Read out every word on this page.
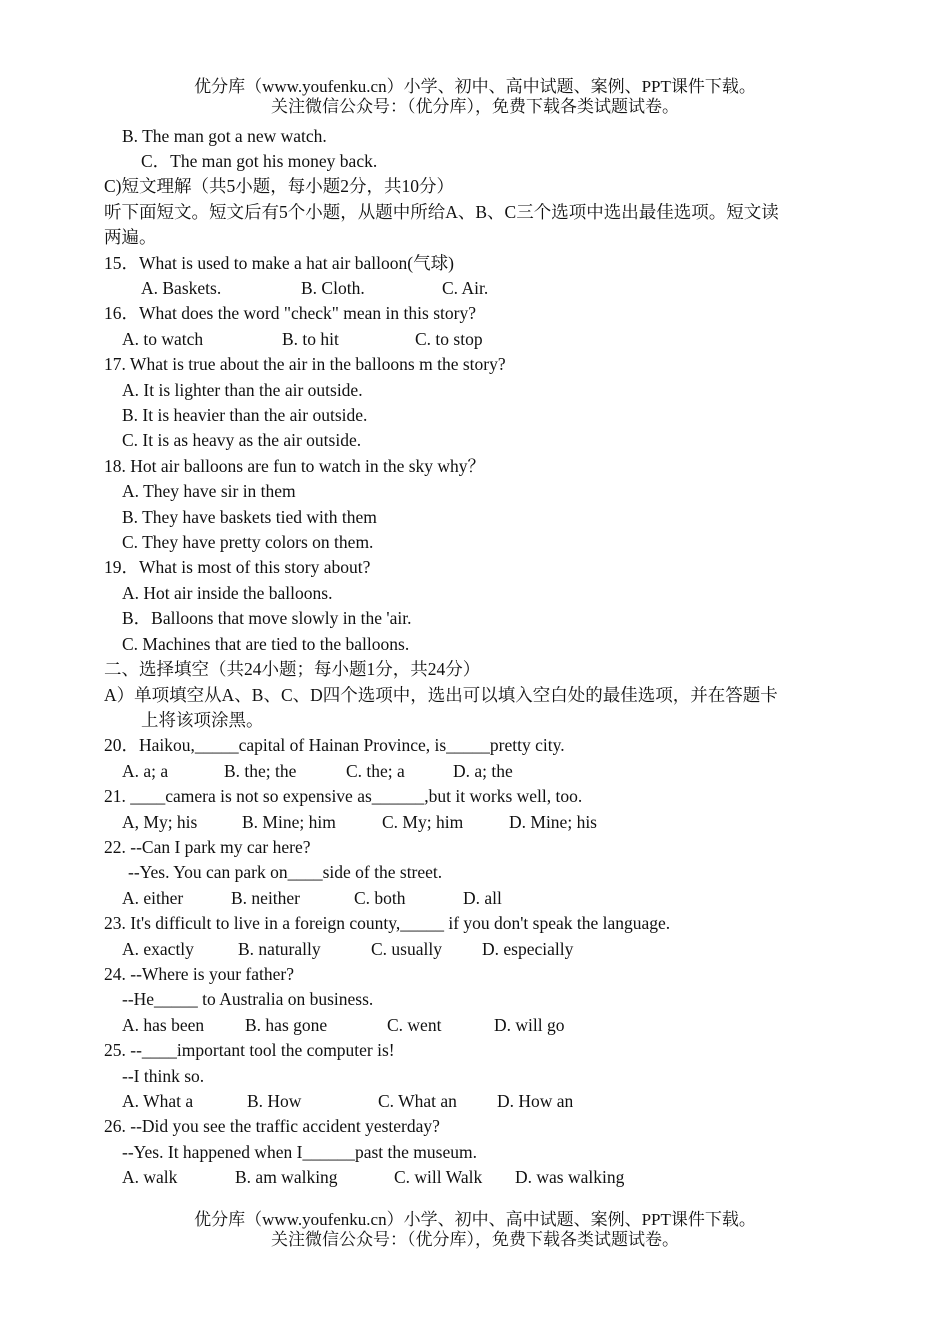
优分库（www.youfenku.cn）小学、初中、高中试题、案例、PPT课件下载。
关注微信公众号：（优分库），免费下载各类试题试卷。
B. The man got a new watch.
C．The man got his money back.
C)短文理解（共5小题，每小题2分，共10分）
听下面短文。短文后有5个小题，从题中所给A、B、C三个选项中选出最佳选项。短文读
两遍。
15．What is used to make a hat air balloon(气球)
A. Baskets.	B. Cloth.	C. Air.
16．What does the word "check" mean in this story?
A. to watch	B. to hit	C. to stop
17. What is true about the air in the balloons m the story?
A. It is lighter than the air outside.
B. It is heavier than the air outside.
C. It is as heavy as the air outside.
18. Hot air balloons are fun to watch in the sky why？
A. They have sir in them
B. They have baskets tied with them
C. They have pretty colors on them.
19．What is most of this story about?
A. Hot air inside the balloons.
B．Balloons that move slowly in the 'air.
C. Machines that are tied to the balloons.
二、选择填空（共24小题；每小题1分，共24分）
A）单项填空从A、B、C、D四个选项中，选出可以填入空白处的最佳选项，并在答题卡
上将该项涂黑。
20．Haikou,_____capital of Hainan Province, is_____pretty city.
A. a; a	B. the; the	C. the; a	D. a; the
21. ____camera is not so expensive as______,but it works well, too.
A, My; his	B. Mine; him	C. My; him	D. Mine; his
22. --Can I park my car here?
--Yes. You can park on____side of the street.
A. either	B. neither	C. both	D. all
23. It's difficult to live in a foreign county,_____ if you don't speak the language.
A. exactly	B. naturally	C. usually D. especially
24. --Where is your father?
--He_____ to Australia on business.
A. has been B. has gone	C. went	D. will go
25. --____important tool the computer is!
--I think so.
A. What a	B. How	C. What an D. How an
26. --Did you see the traffic accident yesterday?
--Yes. It happened when I______past the museum.
A. walk	B. am walking	C. will Walk D. was walking
优分库（www.youfenku.cn）小学、初中、高中试题、案例、PPT课件下载。
关注微信公众号：（优分库），免费下载各类试题试卷。
